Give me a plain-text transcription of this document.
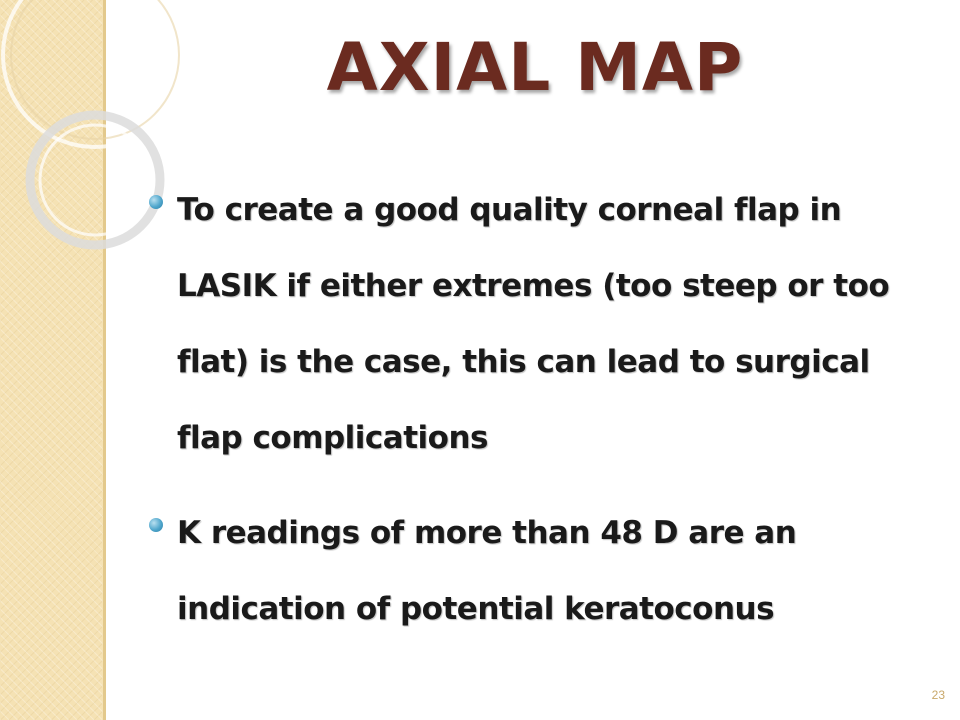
AXIAL MAP
To create a good quality corneal flap in LASIK if either extremes (too steep or too flat) is the case, this can lead to surgical flap complications
K readings of more than 48 D are an indication of potential keratoconus
23
